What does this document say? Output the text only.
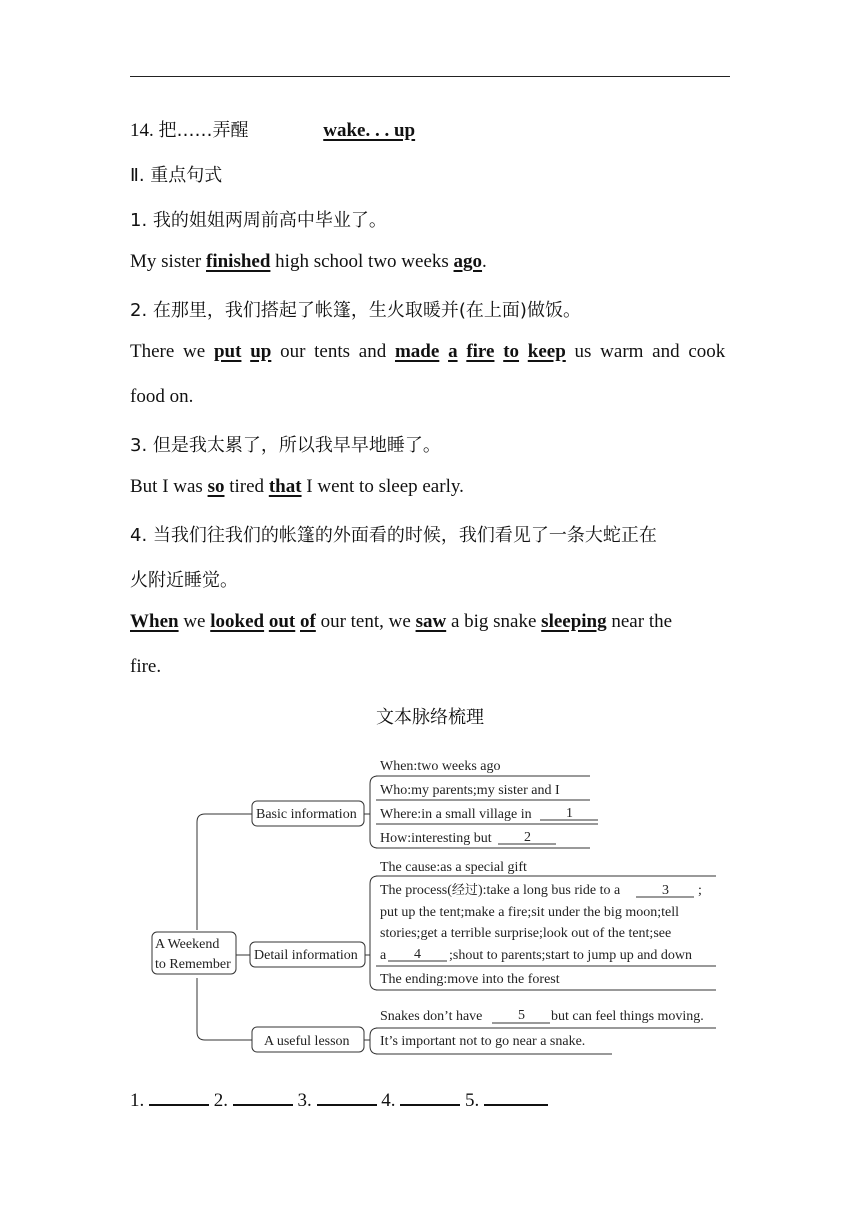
14. 把……弄醒	wake. . . up
Ⅱ. 重点句式
1. 我的姐姐两周前高中毕业了。
My sister finished high school two weeks ago.
2. 在那里，我们搭起了帐篷，生火取暖并(在上面)做饭。
There we put up our tents and made a fire to keep us warm and cook
food on.
3. 但是我太累了，所以我早早地睡了。
But I was so tired that I went to sleep early.
4. 当我们往我们的帐篷的外面看的时候，我们看见了一条大蛇正在
火附近睡觉。
When we looked out of our tent, we saw a big snake sleeping near the
fire.
文本脉络梳理
A Weekend
to Remember
Basic information
Detail information
A useful lesson
When:two weeks ago
Who:my parents;my sister and I
Where:in a small village in 1
How:interesting but 2
The cause:as a special gift
The process(经过):take a long bus ride to a	3 ;
put up the tent;make a fire;sit under the big moon;tell
stories;get a terrible surprise;look out of the tent;see
a 4 ;shout to parents;start to jump up and down
The ending:move into the forest
Snakes don’t have	5 but can feel things moving.
It’s important not to go near a snake.
1.	2.	3.	4.	5.
